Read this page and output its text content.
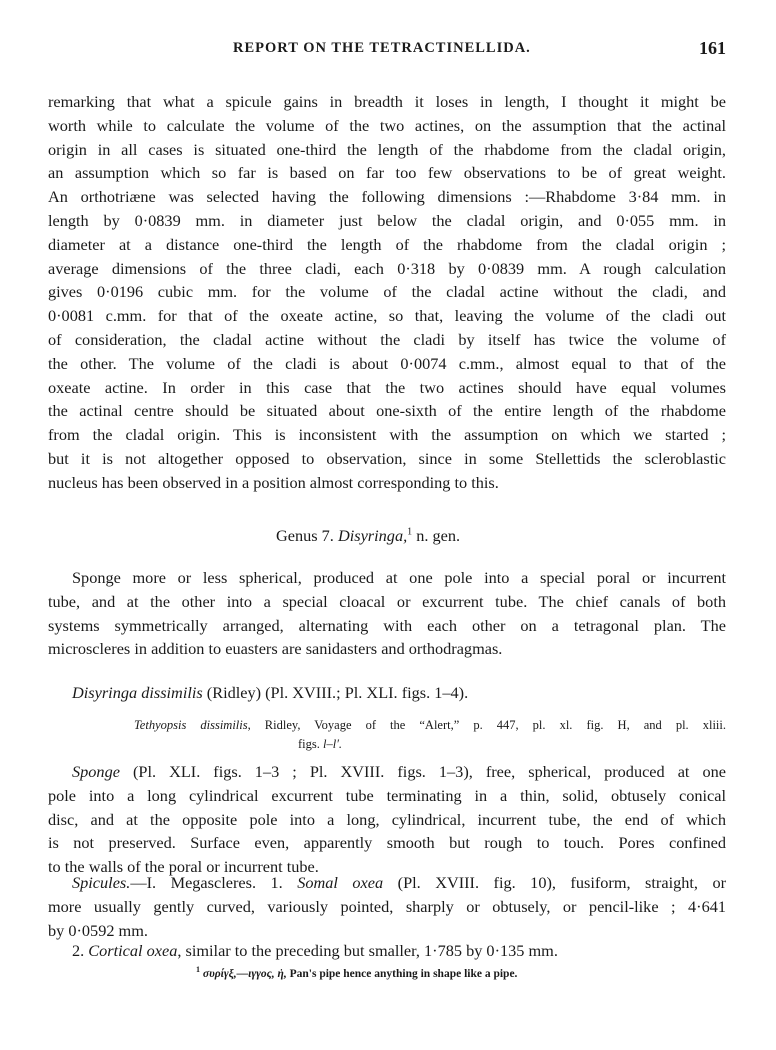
REPORT ON THE TETRACTINELLIDA.	161
remarking that what a spicule gains in breadth it loses in length, I thought it might be
worth while to calculate the volume of the two actines, on the assumption that the actinal
origin in all cases is situated one-third the length of the rhabdome from the cladal origin,
an assumption which so far is based on far too few observations to be of great weight.
An orthotriæne was selected having the following dimensions :—Rhabdome 3·84 mm. in
length by 0·0839 mm. in diameter just below the cladal origin, and 0·055 mm. in
diameter at a distance one-third the length of the rhabdome from the cladal origin ;
average dimensions of the three cladi, each 0·318 by 0·0839 mm. A rough calculation
gives 0·0196 cubic mm. for the volume of the cladal actine without the cladi, and
0·0081 c.mm. for that of the oxeate actine, so that, leaving the volume of the cladi out
of consideration, the cladal actine without the cladi by itself has twice the volume of
the other. The volume of the cladi is about 0·0074 c.mm., almost equal to that of the
oxeate actine. In order in this case that the two actines should have equal volumes
the actinal centre should be situated about one-sixth of the entire length of the rhabdome
from the cladal origin. This is inconsistent with the assumption on which we started ;
but it is not altogether opposed to observation, since in some Stellettids the scleroblastic
nucleus has been observed in a position almost corresponding to this.
Genus 7. Disyringa,$^1$ n. gen.
Sponge more or less spherical, produced at one pole into a special poral or incurrent
tube, and at the other into a special cloacal or excurrent tube. The chief canals of both
systems symmetrically arranged, alternating with each other on a tetragonal plan. The
microscleres in addition to euasters are sanidasters and orthodragmas.
Disyringa dissimilis (Ridley) (Pl. XVIII.; Pl. XLI. figs. 1–4).
Tethyopsis dissimilis, Ridley, Voyage of the “Alert,” p. 447, pl. xl. fig. H, and pl. xliii.
figs. l–l′.
Sponge (Pl. XLI. figs. 1–3 ; Pl. XVIII. figs. 1–3), free, spherical, produced at one
pole into a long cylindrical excurrent tube terminating in a thin, solid, obtusely conical
disc, and at the opposite pole into a long, cylindrical, incurrent tube, the end of which
is not preserved. Surface even, apparently smooth but rough to touch. Pores confined
to the walls of the poral or incurrent tube.
Spicules.—I. Megascleres. 1. Somal oxea (Pl. XVIII. fig. 10), fusiform, straight, or
more usually gently curved, variously pointed, sharply or obtusely, or pencil-like ; 4·641
by 0·0592 mm.
2. Cortical oxea, similar to the preceding but smaller, 1·785 by 0·135 mm.
$^1$ συρίγξ,—ιγγος, ἡ, Pan's pipe hence anything in shape like a pipe.
